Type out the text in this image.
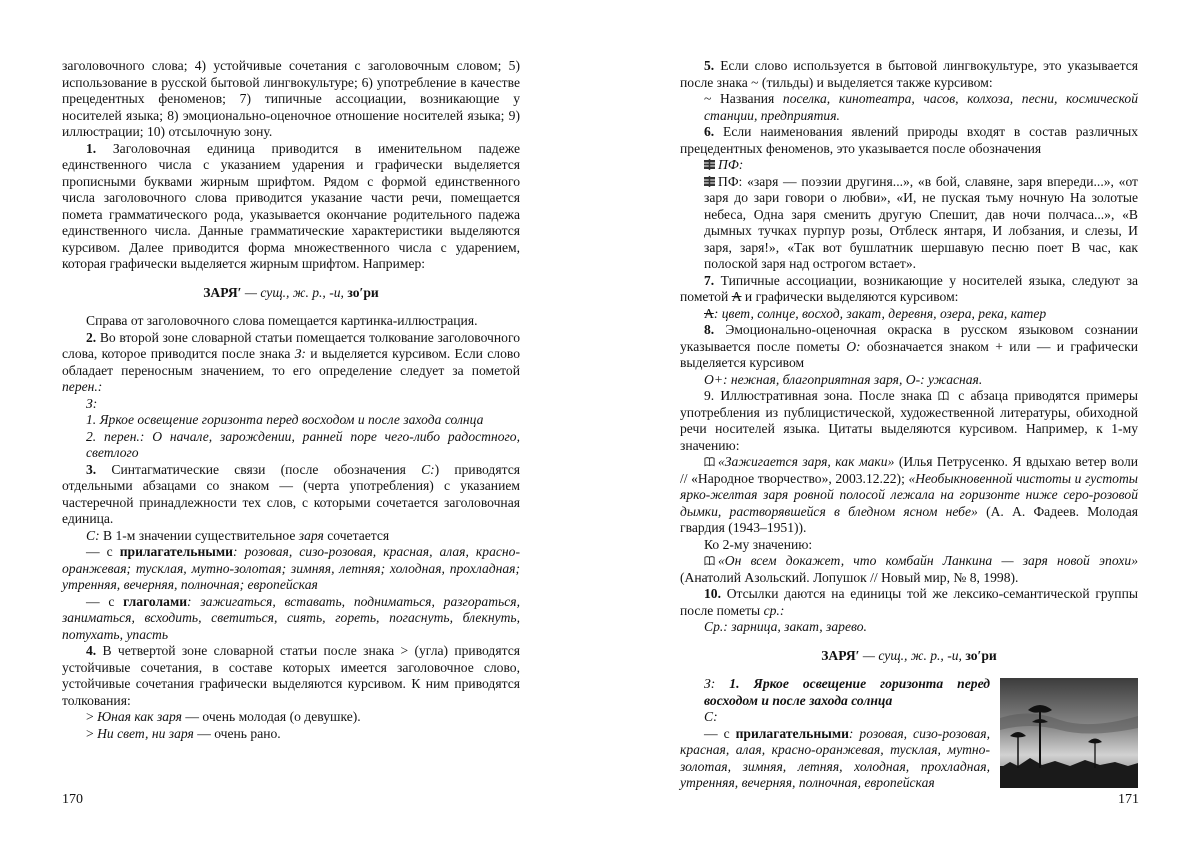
заголовочного слова; 4) устойчивые сочетания с заголовочным словом; 5) использование в русской бытовой лингвокультуре; 6) употребление в качестве прецедентных феноменов; 7) типичные ассоциации, возникающие у носителей языка; 8) эмоционально-оценочное отношение носителей языка; 9) иллюстрации; 10) отсылочную зону.

1. Заголовочная единица приводится в именительном падеже единственного числа с указанием ударения и графически выделяется прописными буквами жирным шрифтом. Рядом с формой единственного числа заголовочного слова приводится указание части речи, помещается помета грамматического рода, указывается окончание родительного падежа единственного числа. Данные грамматические характеристики выделяются курсивом. Далее приводится форма множественного числа с ударением, которая графически выделяется жирным шрифтом. Например:

ЗАРЯ′ — сущ., ж. р., -и, зо′ри

Справа от заголовочного слова помещается картинка-иллюстрация.

2. Во второй зоне словарной статьи помещается толкование заголовочного слова, которое приводится после знака З: и выделяется курсивом. Если слово обладает переносным значением, то его определение следует за пометой перен.:

З:

1. Яркое освещение горизонта перед восходом и после захода солнца

2. перен.: О начале, зарождении, ранней поре чего-либо радостного, светлого

3. Синтагматические связи (после обозначения С:) приводятся отдельными абзацами со знаком — (черта употребления) с указанием частеречной принадлежности тех слов, с которыми сочетается заголовочная единица.

С: В 1-м значении существительное заря сочетается

— с прилагательными: розовая, сизо-розовая, красная, алая, красно-оранжевая; тусклая, мутно-золотая; зимняя, летняя; холодная, прохладная; утренняя, вечерняя, полночная; европейская

— с глаголами: зажигаться, вставать, подниматься, разгораться, заниматься, всходить, светиться, сиять, гореть, погаснуть, блекнуть, потухать, упасть

4. В четвертой зоне словарной статьи после знака > (угла) приводятся устойчивые сочетания, в составе которых имеется заголовочное слово, устойчивые сочетания графически выделяются курсивом. К ним приводятся толкования:

> Юная как заря — очень молодая (о девушке).

> Ни свет, ни заря — очень рано.

170

5. Если слово используется в бытовой лингвокультуре, это указывается после знака ~ (тильды) и выделяется также курсивом:

~ Названия поселка, кинотеатра, часов, колхоза, песни, космической станции, предприятия.

6. Если наименования явлений природы входят в состав различных прецедентных феноменов, это указывается после обозначения

ПФ:

ПФ: «заря — поэзии другиня...», «в бой, славяне, заря впереди...», «от заря до зари говори о любви», «И, не пуская тьму ночную На золотые небеса, Одна заря сменить другую Спешит, дав ночи полчаса...», «В дымных тучках пурпур розы, Отблеск янтаря, И лобзания, и слезы, И заря, заря!», «Так вот бушлатник шершавую песню поет В час, как полоской заря над острогом встает».

7. Типичные ассоциации, возникающие у носителей языка, следуют за пометой А и графически выделяются курсивом:

А: цвет, солнце, восход, закат, деревня, озера, река, катер

8. Эмоционально-оценочная окраска в русском языковом сознании указывается после пометы О: обозначается знаком + или — и графически выделяется курсивом

О+: нежная, благоприятная заря, О-: ужасная.

9. Иллюстративная зона. После знака  с абзаца приводятся примеры употребления из публицистической, художественной литературы, обиходной речи носителей языка. Цитаты выделяются курсивом. Например, к 1-му значению:

«Зажигается заря, как маки» (Илья Петрусенко. Я вдыхаю ветер воли // «Народное творчество», 2003.12.22); «Необыкновенной чистоты и густоты ярко-желтая заря ровной полосой лежала на горизонте ниже серо-розовой дымки, растворявшейся в бледном ясном небе» (А. А. Фадеев. Молодая гвардия (1943–1951)).

Ко 2-му значению:

«Он всем докажет, что комбайн Ланкина — заря новой эпохи» (Анатолий Азольский. Лопушок // Новый мир, № 8, 1998).

10. Отсылки даются на единицы той же лексико-семантической группы после пометы ср.:

Ср.: зарница, закат, зарево.

ЗАРЯ′ — сущ., ж. р., -и, зо′ри

З: 1. Яркое освещение горизонта перед восходом и после захода солнца

С:

— с прилагательными: розовая, сизо-розовая, красная, алая, красно-оранжевая, тусклая, мутно-золотая, зимняя, летняя, холодная, прохладная, утренняя, вечерняя, полночная, европейская

171
